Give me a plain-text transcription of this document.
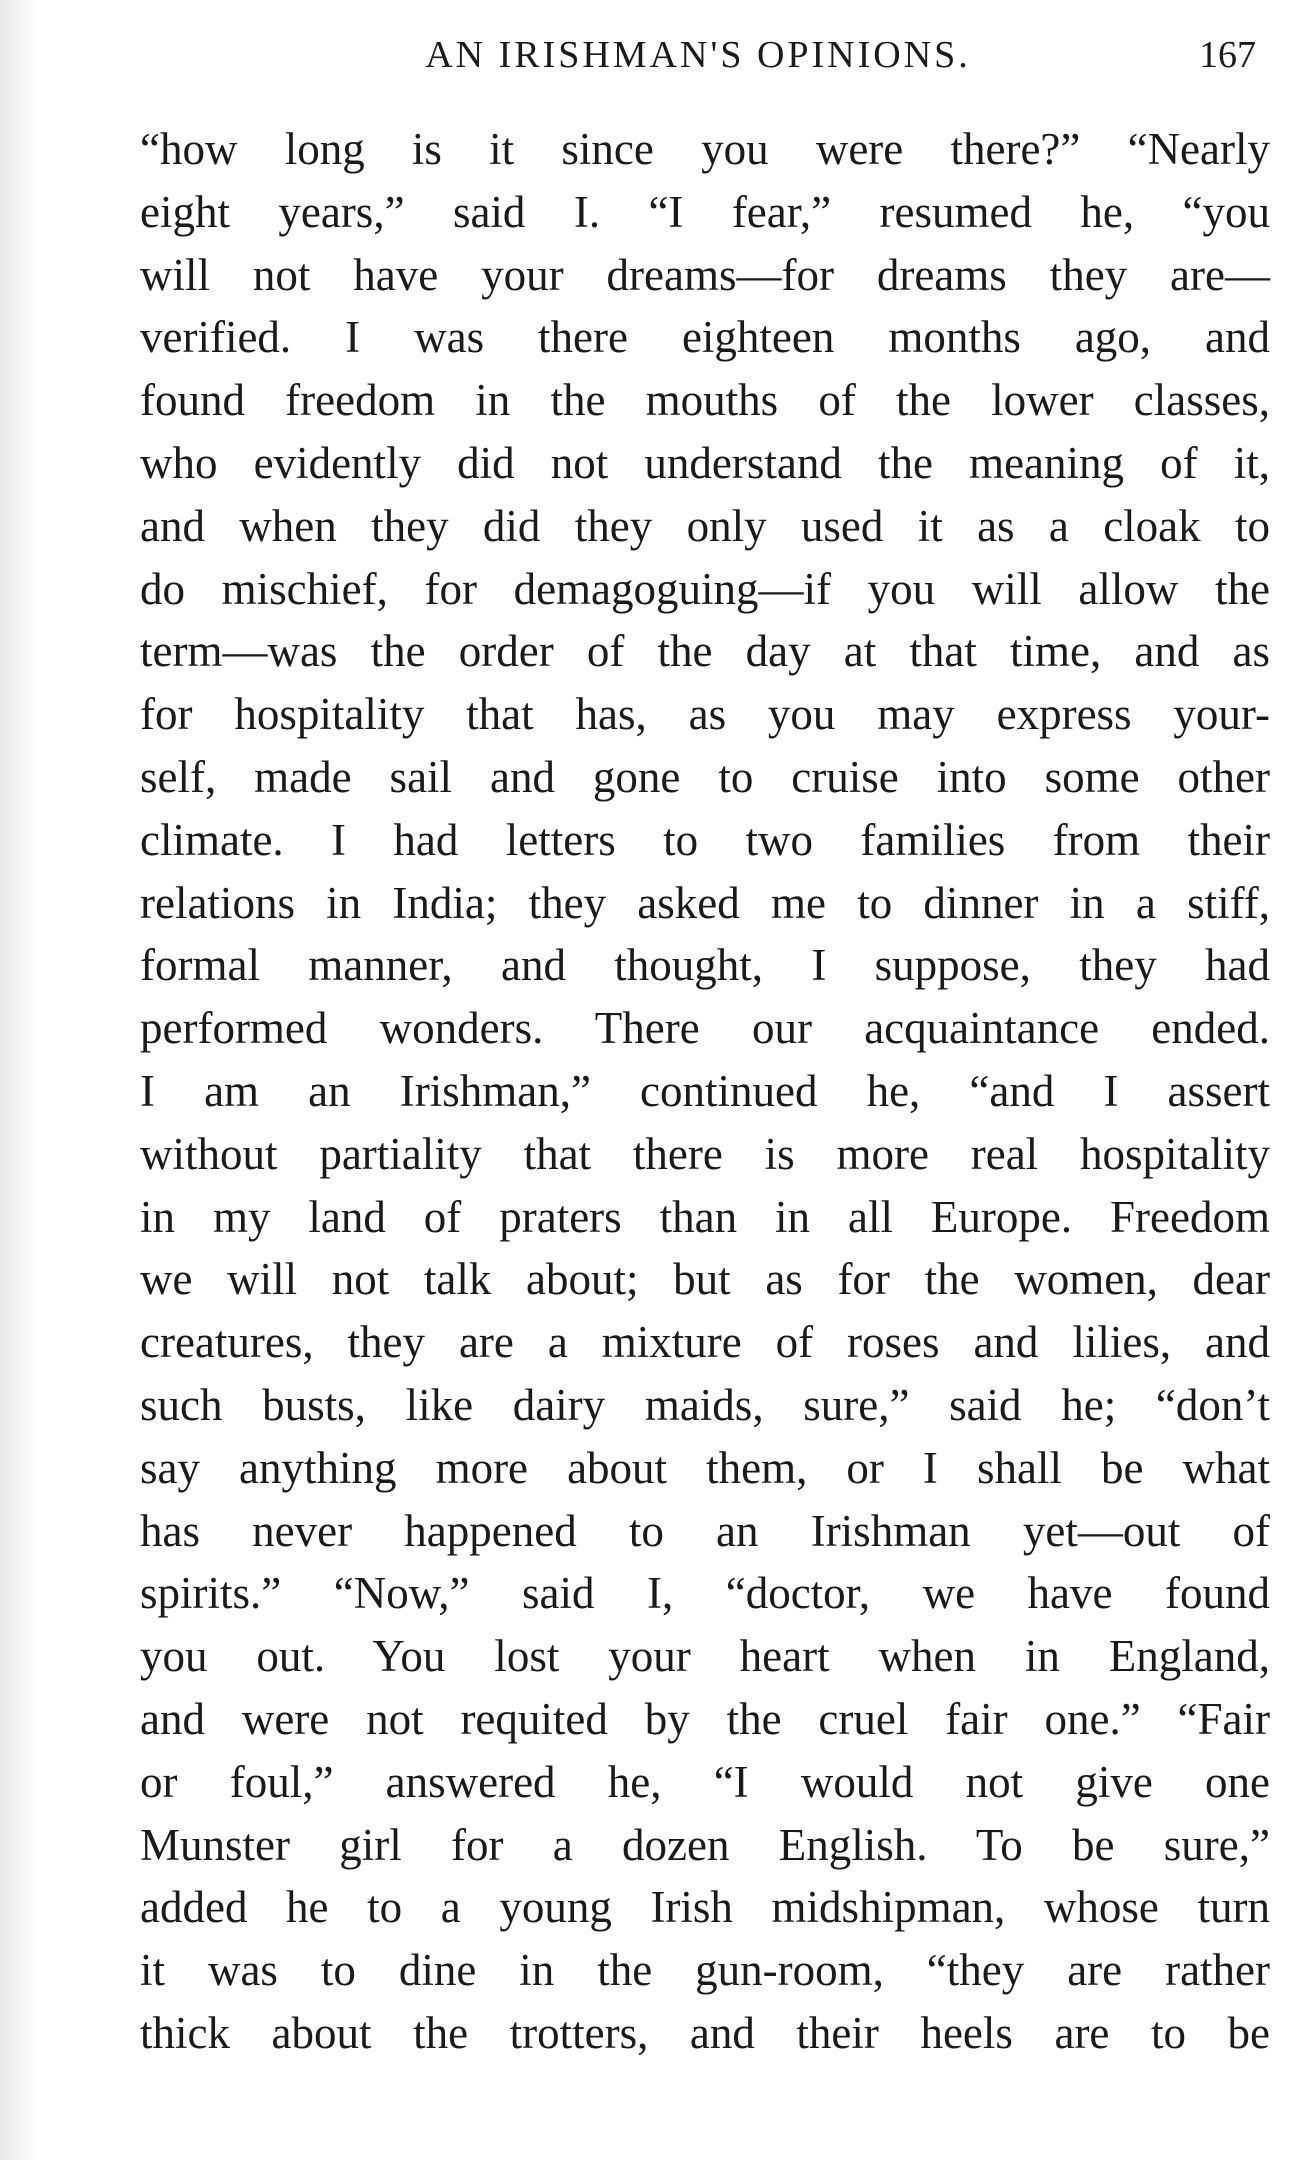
AN IRISHMAN'S OPINIONS.	167
“how long is it since you were there?” “Nearly
eight years,” said I. “I fear,” resumed he, “you
will not have your dreams—for dreams they are—
verified. I was there eighteen months ago, and
found freedom in the mouths of the lower classes,
who evidently did not understand the meaning of it,
and when they did they only used it as a cloak to
do mischief, for demagoguing—if you will allow the
term—was the order of the day at that time, and as
for hospitality that has, as you may express your-
self, made sail and gone to cruise into some other
climate. I had letters to two families from their
relations in India; they asked me to dinner in a stiff,
formal manner, and thought, I suppose, they had
performed wonders. There our acquaintance ended.
I am an Irishman,” continued he, “and I assert
without partiality that there is more real hospitality
in my land of praters than in all Europe. Freedom
we will not talk about; but as for the women, dear
creatures, they are a mixture of roses and lilies, and
such busts, like dairy maids, sure,” said he; “don’t
say anything more about them, or I shall be what
has never happened to an Irishman yet—out of
spirits.” “Now,” said I, “doctor, we have found
you out. You lost your heart when in England,
and were not requited by the cruel fair one.” “Fair
or foul,” answered he, “I would not give one
Munster girl for a dozen English. To be sure,”
added he to a young Irish midshipman, whose turn
it was to dine in the gun-room, “they are rather
thick about the trotters, and their heels are to be
